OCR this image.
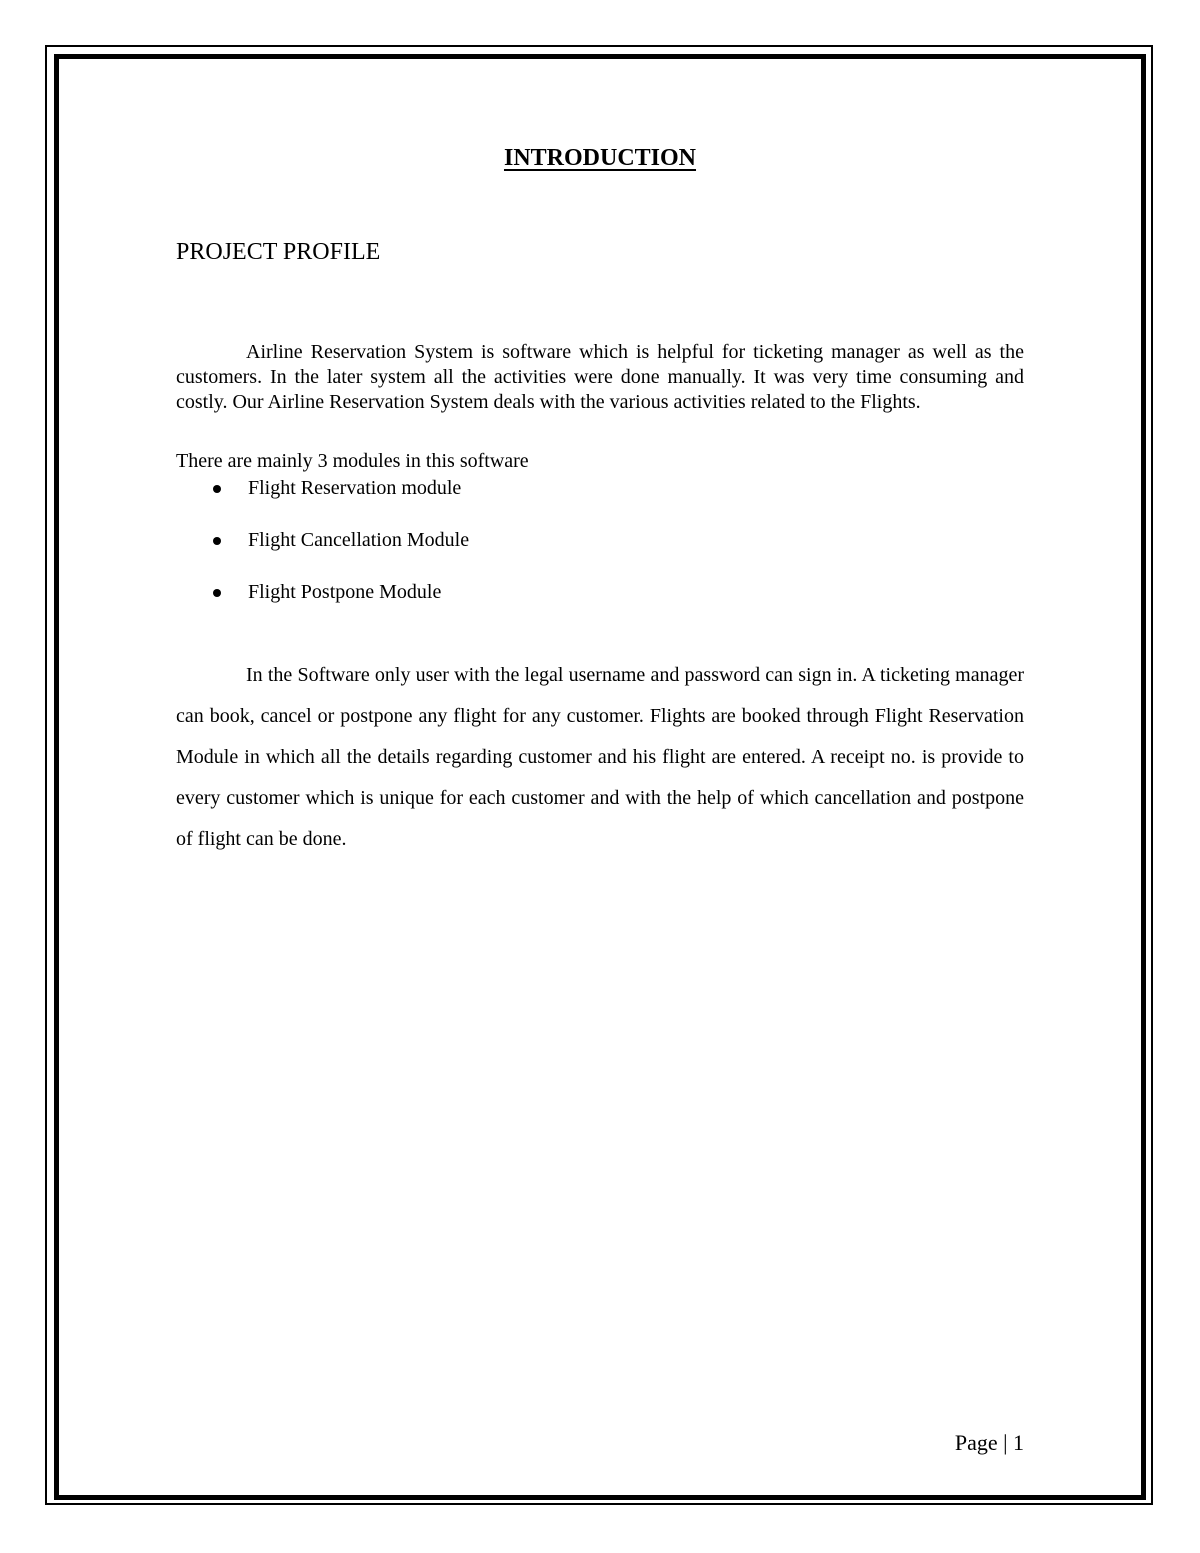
INTRODUCTION
PROJECT PROFILE

Airline Reservation System is software which is helpful for ticketing manager as well as the customers. In the later system all the activities were done manually. It was very time consuming and costly. Our Airline Reservation System deals with the various activities related to the Flights.

There are mainly 3 modules in this software

Flight Reservation module
Flight Cancellation Module
Flight Postpone Module

In the Software only user with the legal username and password can sign in. A ticketing manager can book, cancel or postpone any flight for any customer. Flights are booked through Flight Reservation Module in which all the details regarding customer and his flight are entered. A receipt no. is provide to every customer which is unique for each customer and with the help of which cancellation and postpone of flight can be done.

Page | 1
